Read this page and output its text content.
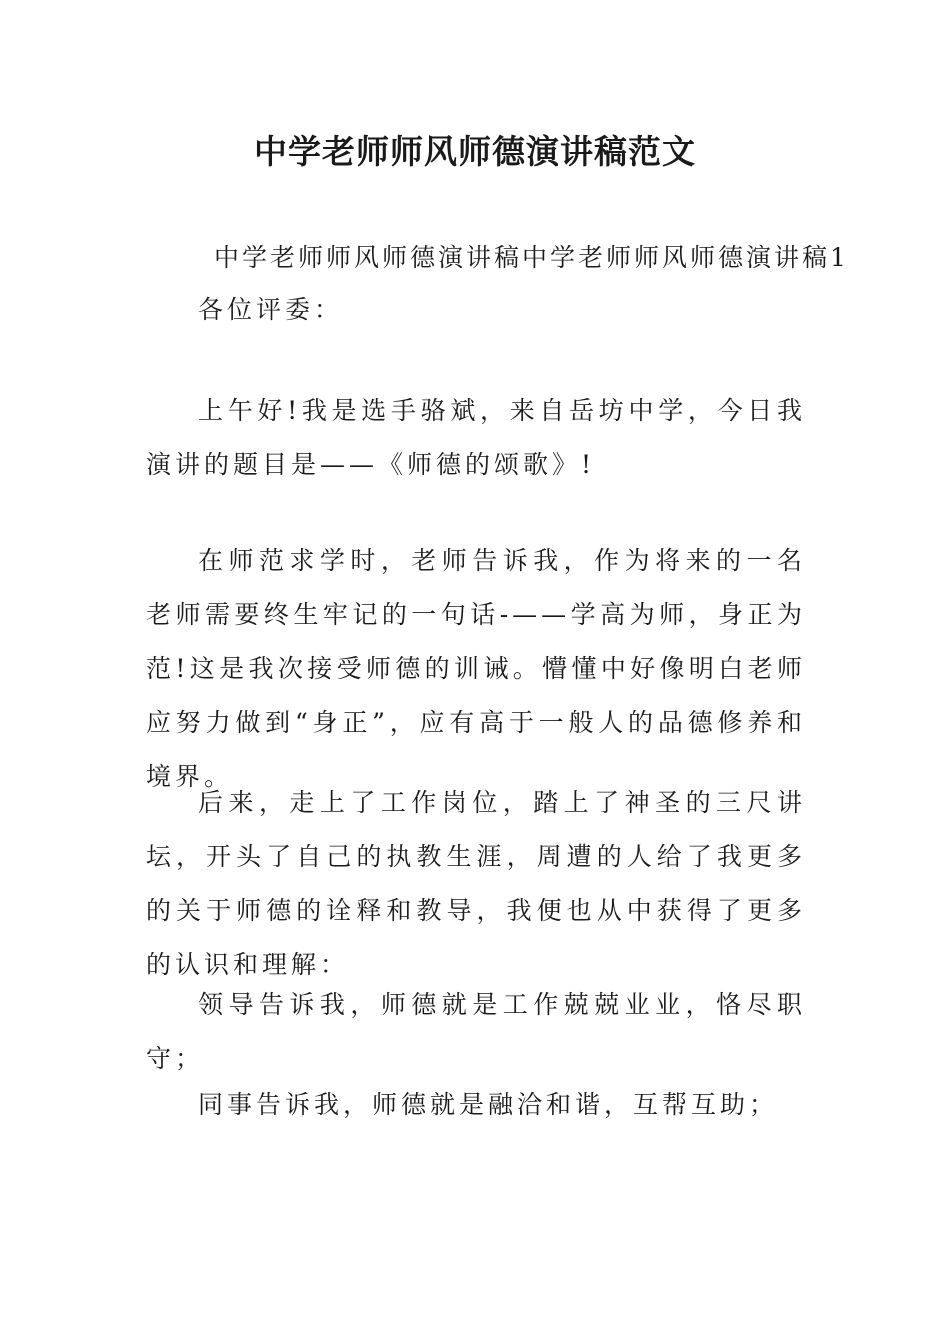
中学老师师风师德演讲稿范文

中学老师师风师德演讲稿中学老师师风师德演讲稿1

各位评委：

上午好!我是选手骆斌，来自岳坊中学，今日我演讲的题目是——《师德的颂歌》!

在师范求学时，老师告诉我，作为将来的一名老师需要终生牢记的一句话-——学高为师，身正为范!这是我次接受师德的训诫。懵懂中好像明白老师应努力做到“身正”，应有高于一般人的品德修养和境界。

后来，走上了工作岗位，踏上了神圣的三尺讲坛，开头了自己的执教生涯，周遭的人给了我更多的关于师德的诠释和教导，我便也从中获得了更多的认识和理解：

领导告诉我，师德就是工作兢兢业业，恪尽职守；

同事告诉我，师德就是融洽和谐，互帮互助；
